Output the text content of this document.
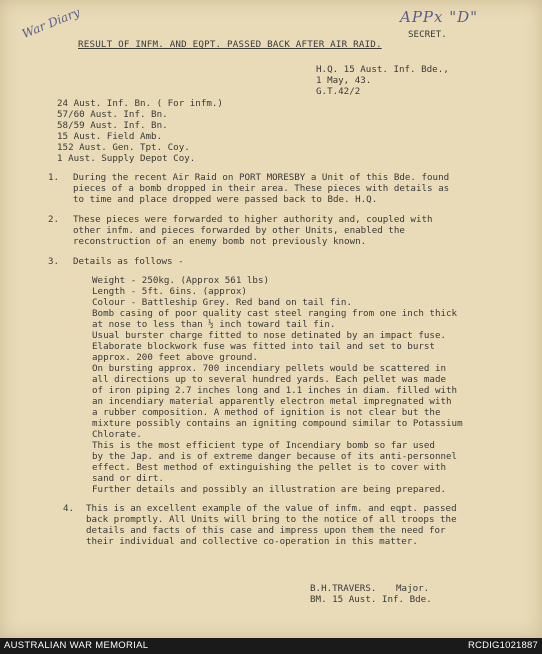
War Diary	APPx "D"
SECRET.
RESULT OF INFM. AND EQPT. PASSED BACK AFTER AIR RAID.
H.Q. 15 Aust. Inf. Bde.,
1 May, 43.
G.T.42/2
24 Aust. Inf. Bn. ( For infm.)
57/60 Aust. Inf. Bn.
58/59 Aust. Inf. Bn.
15 Aust. Field Amb.
152 Aust. Gen. Tpt. Coy.
1 Aust. Supply Depot Coy.
1. During the recent Air Raid on PORT MORESBY a Unit of this Bde. found
pieces of a bomb dropped in their area. These pieces with details as
to time and place dropped were passed back to Bde. H.Q.
2. These pieces were forwarded to higher authority and, coupled with
other infm. and pieces forwarded by other Units, enabled the
reconstruction of an enemy bomb not previously known.
3. Details as follows -
Weight - 250kg. (Approx 561 lbs)
Length - 5ft. 6ins. (approx)
Colour - Battleship Grey. Red band on tail fin.
Bomb casing of poor quality cast steel ranging from one inch thick
at nose to less than ½ inch toward tail fin.
Usual burster charge fitted to nose detinated by an impact fuse.
Elaborate blockwork fuse was fitted into tail and set to burst
approx. 200 feet above ground.
On bursting approx. 700 incendiary pellets would be scattered in
all directions up to several hundred yards. Each pellet was made
of iron piping 2.7 inches long and 1.1 inches in diam. filled with
an incendiary material apparently electron metal impregnated with
a rubber composition. A method of ignition is not clear but the
mixture possibly contains an igniting compound similar to Potassium
Chlorate.
This is the most efficient type of Incendiary bomb so far used
by the Jap. and is of extreme danger because of its anti-personnel
effect. Best method of extinguishing the pellet is to cover with
sand or dirt.
Further details and possibly an illustration are being prepared.
4. This is an excellent example of the value of infm. and eqpt. passed
back promptly. All Units will bring to the notice of all troops the
details and facts of this case and impress upon them the need for
their individual and collective co-operation in this matter.
B.H.TRAVERS. Major.
BM. 15 Aust. Inf. Bde.
AUSTRALIAN WAR MEMORIAL	RCDIG1021887
